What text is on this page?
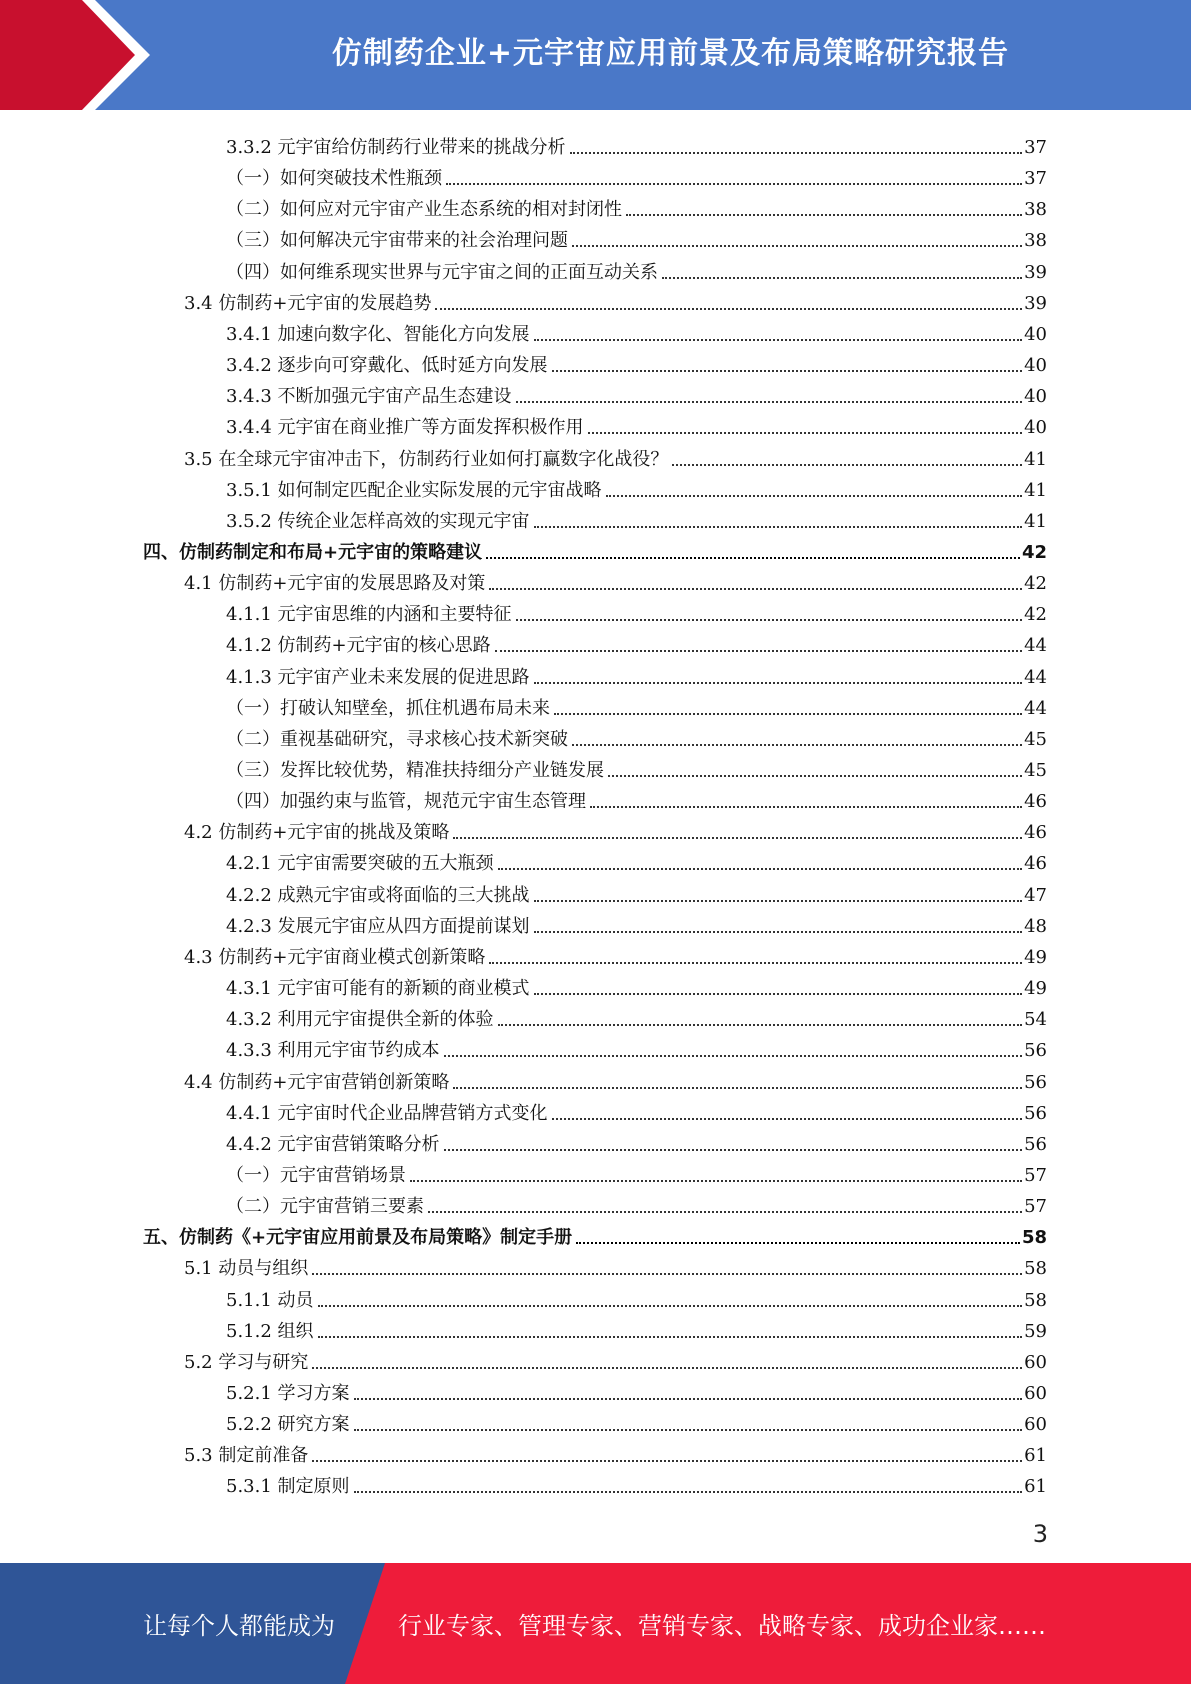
仿制药企业+元宇宙应用前景及布局策略研究报告
3.3.2 元宇宙给仿制药行业带来的挑战分析	37
（一）如何突破技术性瓶颈	37
（二）如何应对元宇宙产业生态系统的相对封闭性	38
（三）如何解决元宇宙带来的社会治理问题	38
（四）如何维系现实世界与元宇宙之间的正面互动关系	39
3.4 仿制药+元宇宙的发展趋势	39
3.4.1 加速向数字化、智能化方向发展	40
3.4.2 逐步向可穿戴化、低时延方向发展	40
3.4.3 不断加强元宇宙产品生态建设	40
3.4.4 元宇宙在商业推广等方面发挥积极作用	40
3.5 在全球元宇宙冲击下，仿制药行业如何打赢数字化战役？	41
3.5.1 如何制定匹配企业实际发展的元宇宙战略	41
3.5.2 传统企业怎样高效的实现元宇宙	41
四、仿制药制定和布局+元宇宙的策略建议	42
4.1 仿制药+元宇宙的发展思路及对策	42
4.1.1 元宇宙思维的内涵和主要特征	42
4.1.2 仿制药+元宇宙的核心思路	44
4.1.3 元宇宙产业未来发展的促进思路	44
（一）打破认知壁垒，抓住机遇布局未来	44
（二）重视基础研究，寻求核心技术新突破	45
（三）发挥比较优势，精准扶持细分产业链发展	45
（四）加强约束与监管，规范元宇宙生态管理	46
4.2 仿制药+元宇宙的挑战及策略	46
4.2.1 元宇宙需要突破的五大瓶颈	46
4.2.2 成熟元宇宙或将面临的三大挑战	47
4.2.3 发展元宇宙应从四方面提前谋划	48
4.3 仿制药+元宇宙商业模式创新策略	49
4.3.1 元宇宙可能有的新颖的商业模式	49
4.3.2 利用元宇宙提供全新的体验	54
4.3.3 利用元宇宙节约成本	56
4.4 仿制药+元宇宙营销创新策略	56
4.4.1 元宇宙时代企业品牌营销方式变化	56
4.4.2 元宇宙营销策略分析	56
（一）元宇宙营销场景	57
（二）元宇宙营销三要素	57
五、仿制药《+元宇宙应用前景及布局策略》制定手册	58
5.1 动员与组织	58
5.1.1 动员	58
5.1.2 组织	59
5.2 学习与研究	60
5.2.1 学习方案	60
5.2.2 研究方案	60
5.3 制定前准备	61
5.3.1 制定原则	61
3
让每个人都能成为	行业专家、管理专家、营销专家、战略专家、成功企业家……
